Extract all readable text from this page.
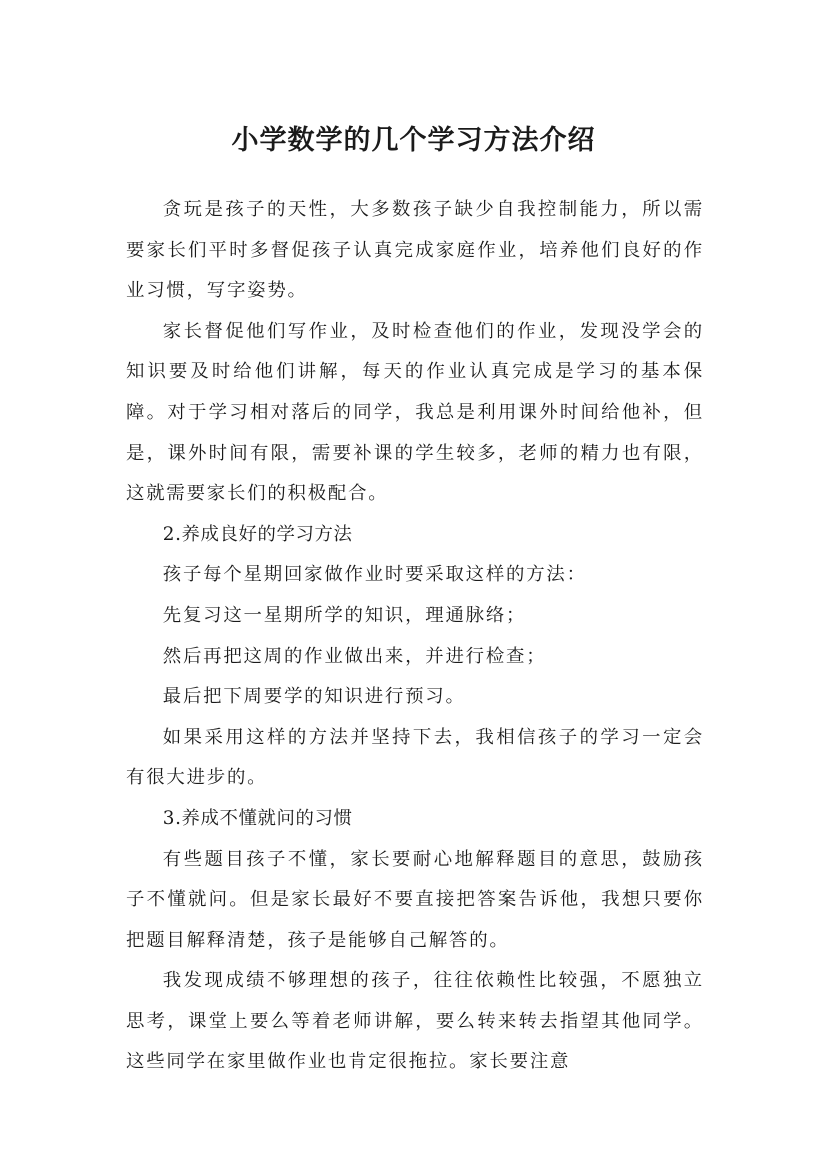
小学数学的几个学习方法介绍

贪玩是孩子的天性，大多数孩子缺少自我控制能力，所以需要家长们平时多督促孩子认真完成家庭作业，培养他们良好的作业习惯，写字姿势。

家长督促他们写作业，及时检查他们的作业，发现没学会的知识要及时给他们讲解，每天的作业认真完成是学习的基本保障。对于学习相对落后的同学，我总是利用课外时间给他补，但是，课外时间有限，需要补课的学生较多，老师的精力也有限，这就需要家长们的积极配合。

2.养成良好的学习方法

孩子每个星期回家做作业时要采取这样的方法：

先复习这一星期所学的知识，理通脉络；

然后再把这周的作业做出来，并进行检查；

最后把下周要学的知识进行预习。

如果采用这样的方法并坚持下去，我相信孩子的学习一定会有很大进步的。

3.养成不懂就问的习惯

有些题目孩子不懂，家长要耐心地解释题目的意思，鼓励孩子不懂就问。但是家长最好不要直接把答案告诉他，我想只要你把题目解释清楚，孩子是能够自己解答的。

我发现成绩不够理想的孩子，往往依赖性比较强，不愿独立思考，课堂上要么等着老师讲解，要么转来转去指望其他同学。这些同学在家里做作业也肯定很拖拉。家长要注意
